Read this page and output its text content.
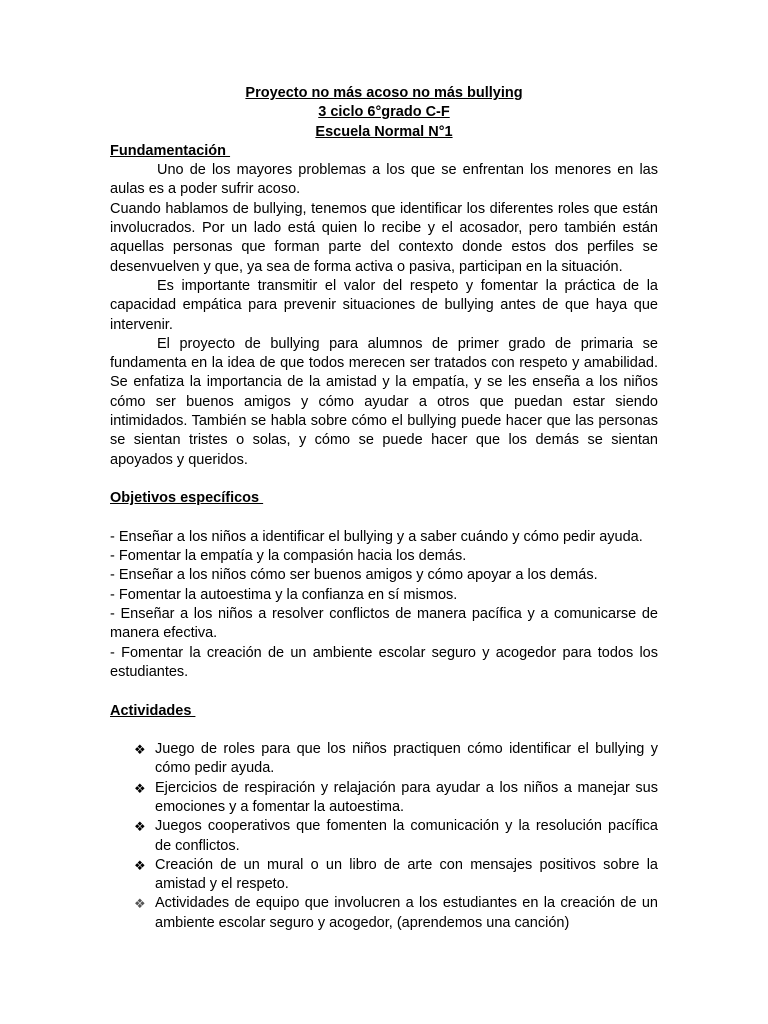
Proyecto no más acoso no más bullying
3 ciclo 6°grado C-F
Escuela Normal N°1
Fundamentación

Uno de los mayores problemas a los que se enfrentan los menores en las aulas es a poder sufrir acoso.

Cuando hablamos de bullying, tenemos que identificar los diferentes roles que están involucrados. Por un lado está quien lo recibe y el acosador, pero también están aquellas personas que forman parte del contexto donde estos dos perfiles se desenvuelven y que, ya sea de forma activa o pasiva, participan en la situación.

Es importante transmitir el valor del respeto y fomentar la práctica de la capacidad empática para prevenir situaciones de bullying antes de que haya que intervenir.

El proyecto de bullying para alumnos de primer grado de primaria se fundamenta en la idea de que todos merecen ser tratados con respeto y amabilidad. Se enfatiza la importancia de la amistad y la empatía, y se les enseña a los niños cómo ser buenos amigos y cómo ayudar a otros que puedan estar siendo intimidados. También se habla sobre cómo el bullying puede hacer que las personas se sientan tristes o solas, y cómo se puede hacer que los demás se sientan apoyados y queridos.

Objetivos específicos

- Enseñar a los niños a identificar el bullying y a saber cuándo y cómo pedir ayuda.

- Fomentar la empatía y la compasión hacia los demás.

- Enseñar a los niños cómo ser buenos amigos y cómo apoyar a los demás.

- Fomentar la autoestima y la confianza en sí mismos.

- Enseñar a los niños a resolver conflictos de manera pacífica y a comunicarse de manera efectiva.

- Fomentar la creación de un ambiente escolar seguro y acogedor para todos los estudiantes.

Actividades
❖ Juego de roles para que los niños practiquen cómo identificar el bullying y cómo pedir ayuda.
❖ Ejercicios de respiración y relajación para ayudar a los niños a manejar sus emociones y a fomentar la autoestima.
❖ Juegos cooperativos que fomenten la comunicación y la resolución pacífica de conflictos.
❖ Creación de un mural o un libro de arte con mensajes positivos sobre la amistad y el respeto.
❖ Actividades de equipo que involucren a los estudiantes en la creación de un ambiente escolar seguro y acogedor, (aprendemos una canción)
